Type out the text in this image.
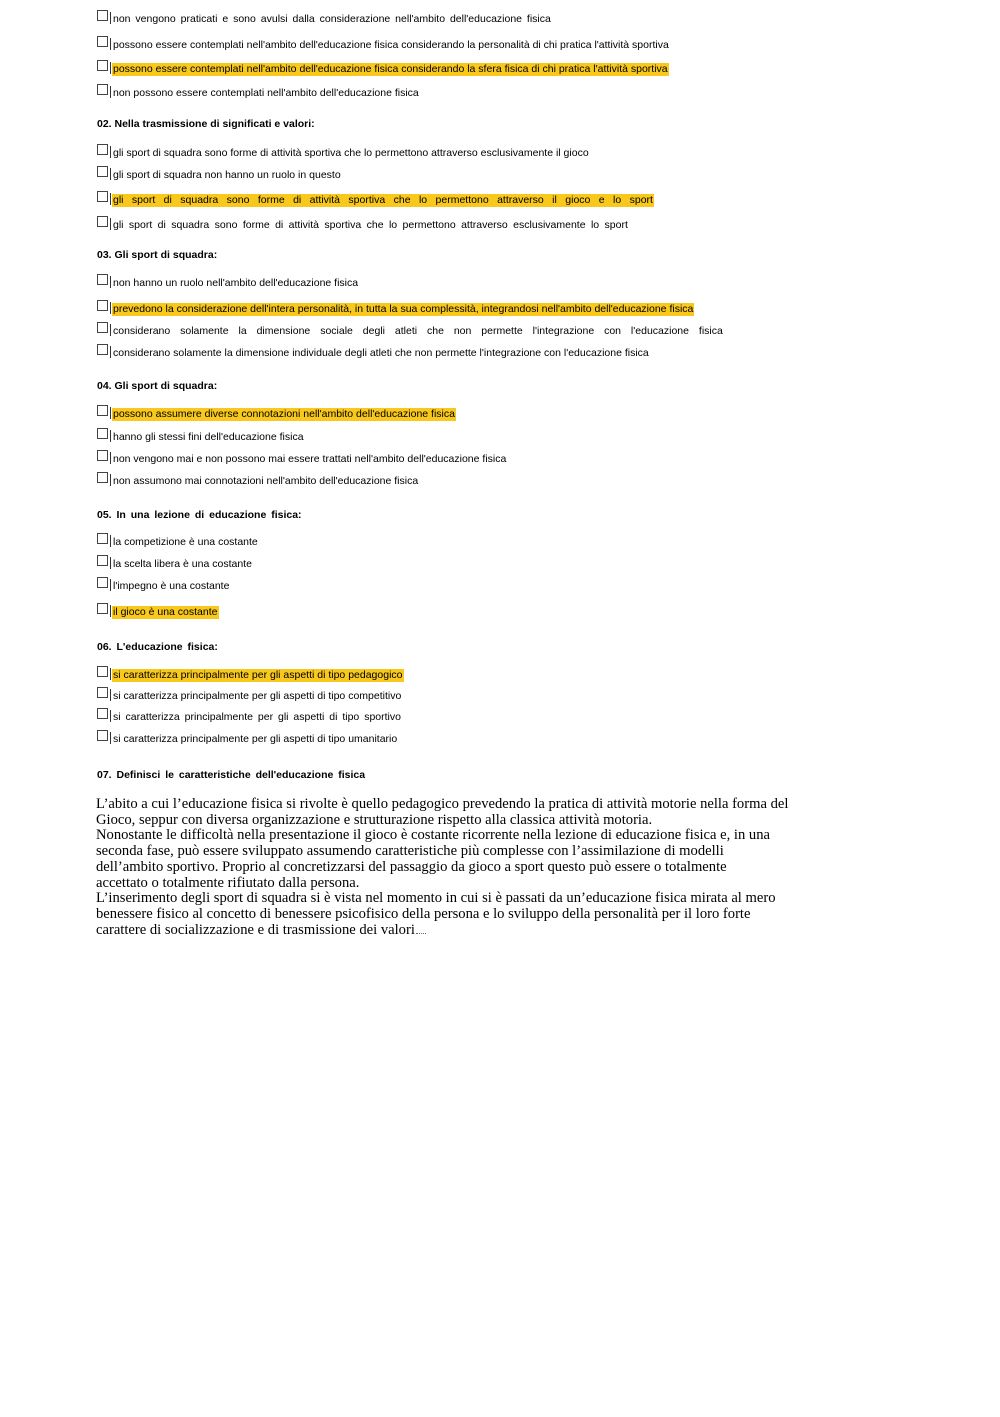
non vengono praticati e sono avulsi dalla considerazione nell'ambito dell'educazione fisica
possono essere contemplati nell'ambito dell'educazione fisica considerando la personalità di chi pratica l'attività sportiva
possono essere contemplati nell'ambito dell'educazione fisica considerando la sfera fisica di chi pratica l'attività sportiva
non possono essere contemplati nell'ambito dell'educazione fisica
02. Nella trasmissione di significati e valori:
gli sport di squadra sono forme di attività sportiva che lo permettono attraverso esclusivamente il gioco
gli sport di squadra non hanno un ruolo in questo
gli sport di squadra sono forme di attività sportiva che lo permettono attraverso il gioco e lo sport
gli sport di squadra sono forme di attività sportiva che lo permettono attraverso esclusivamente lo sport
03. Gli sport di squadra:
non hanno un ruolo nell'ambito dell'educazione fisica
prevedono la considerazione dell'intera personalità, in tutta la sua complessità, integrandosi nell'ambito dell'educazione fisica
considerano solamente la dimensione sociale degli atleti che non permette l'integrazione con l'educazione fisica
considerano solamente la dimensione individuale degli atleti che non permette l'integrazione con l'educazione fisica
04. Gli sport di squadra:
possono assumere diverse connotazioni nell'ambito dell'educazione fisica
hanno gli stessi fini dell'educazione fisica
non vengono mai e non possono mai essere trattati nell'ambito dell'educazione fisica
non assumono mai connotazioni nell'ambito dell'educazione fisica
05. In una lezione di educazione fisica:
la competizione è una costante
la scelta libera è una costante
l'impegno è una costante
il gioco è una costante
06. L'educazione fisica:
si caratterizza principalmente per gli aspetti di tipo pedagogico
si caratterizza principalmente per gli aspetti di tipo competitivo
si caratterizza principalmente per gli aspetti di tipo sportivo
si caratterizza principalmente per gli aspetti di tipo umanitario
07. Definisci le caratteristiche dell'educazione fisica

L’abito a cui l’educazione fisica si rivolte è quello pedagogico prevedendo la pratica di attività motorie nella forma del

Gioco, seppur con diversa organizzazione e strutturazione rispetto alla classica attività motoria.

Nonostante le difficoltà nella presentazione il gioco è costante ricorrente nella lezione di educazione fisica e, in una

seconda fase, può essere sviluppato assumendo caratteristiche più complesse con l’assimilazione di modelli

dell’ambito sportivo. Proprio al concretizzarsi del passaggio da gioco a sport questo può essere o totalmente

accettato o totalmente rifiutato dalla persona.

L’inserimento degli sport di squadra si è vista nel momento in cui si è passati da un’educazione fisica mirata al mero

benessere fisico al concetto di benessere psicofisico della persona e lo sviluppo della personalità per il loro forte

carattere di socializzazione e di trasmissione dei valori
